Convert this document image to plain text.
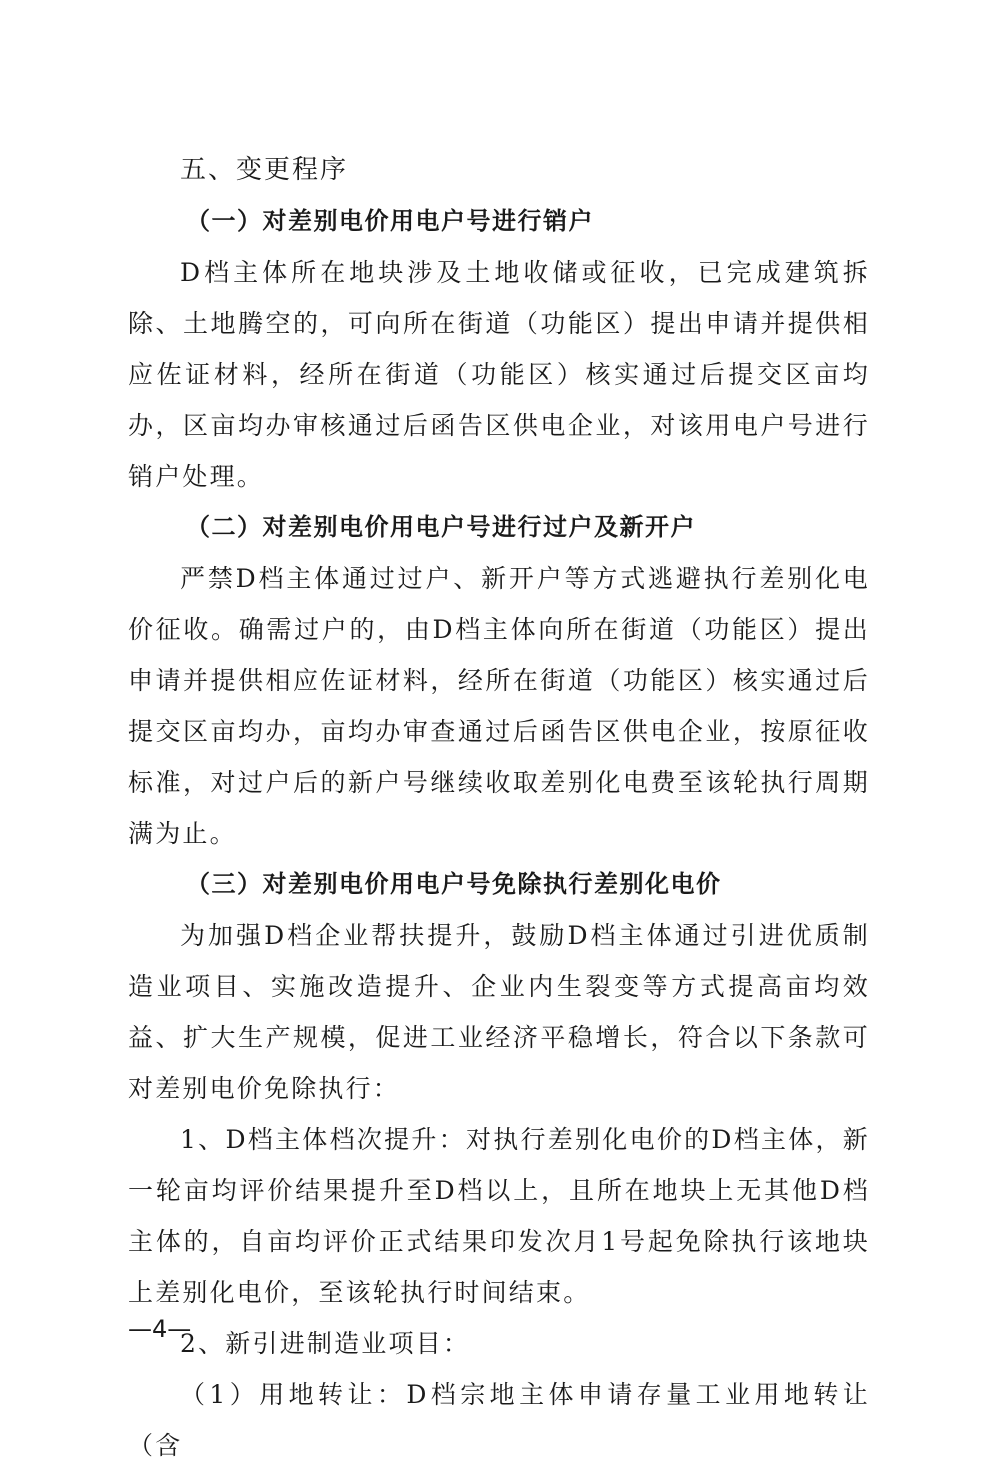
五、变更程序

（一）对差别电价用电户号进行销户

D档主体所在地块涉及土地收储或征收，已完成建筑拆除、土地腾空的，可向所在街道（功能区）提出申请并提供相应佐证材料，经所在街道（功能区）核实通过后提交区亩均办，区亩均办审核通过后函告区供电企业，对该用电户号进行销户处理。

（二）对差别电价用电户号进行过户及新开户

严禁D档主体通过过户、新开户等方式逃避执行差别化电价征收。确需过户的，由D档主体向所在街道（功能区）提出申请并提供相应佐证材料，经所在街道（功能区）核实通过后提交区亩均办，亩均办审查通过后函告区供电企业，按原征收标准，对过户后的新户号继续收取差别化电费至该轮执行周期满为止。

（三）对差别电价用电户号免除执行差别化电价

为加强D档企业帮扶提升，鼓励D档主体通过引进优质制造业项目、实施改造提升、企业内生裂变等方式提高亩均效益、扩大生产规模，促进工业经济平稳增长，符合以下条款可对差别电价免除执行：

1、D档主体档次提升：对执行差别化电价的D档主体，新一轮亩均评价结果提升至D档以上，且所在地块上无其他D档主体的，自亩均评价正式结果印发次月1号起免除执行该地块上差别化电价，至该轮执行时间结束。

2、新引进制造业项目：

（1）用地转让：D档宗地主体申请存量工业用地转让（含

—4—
